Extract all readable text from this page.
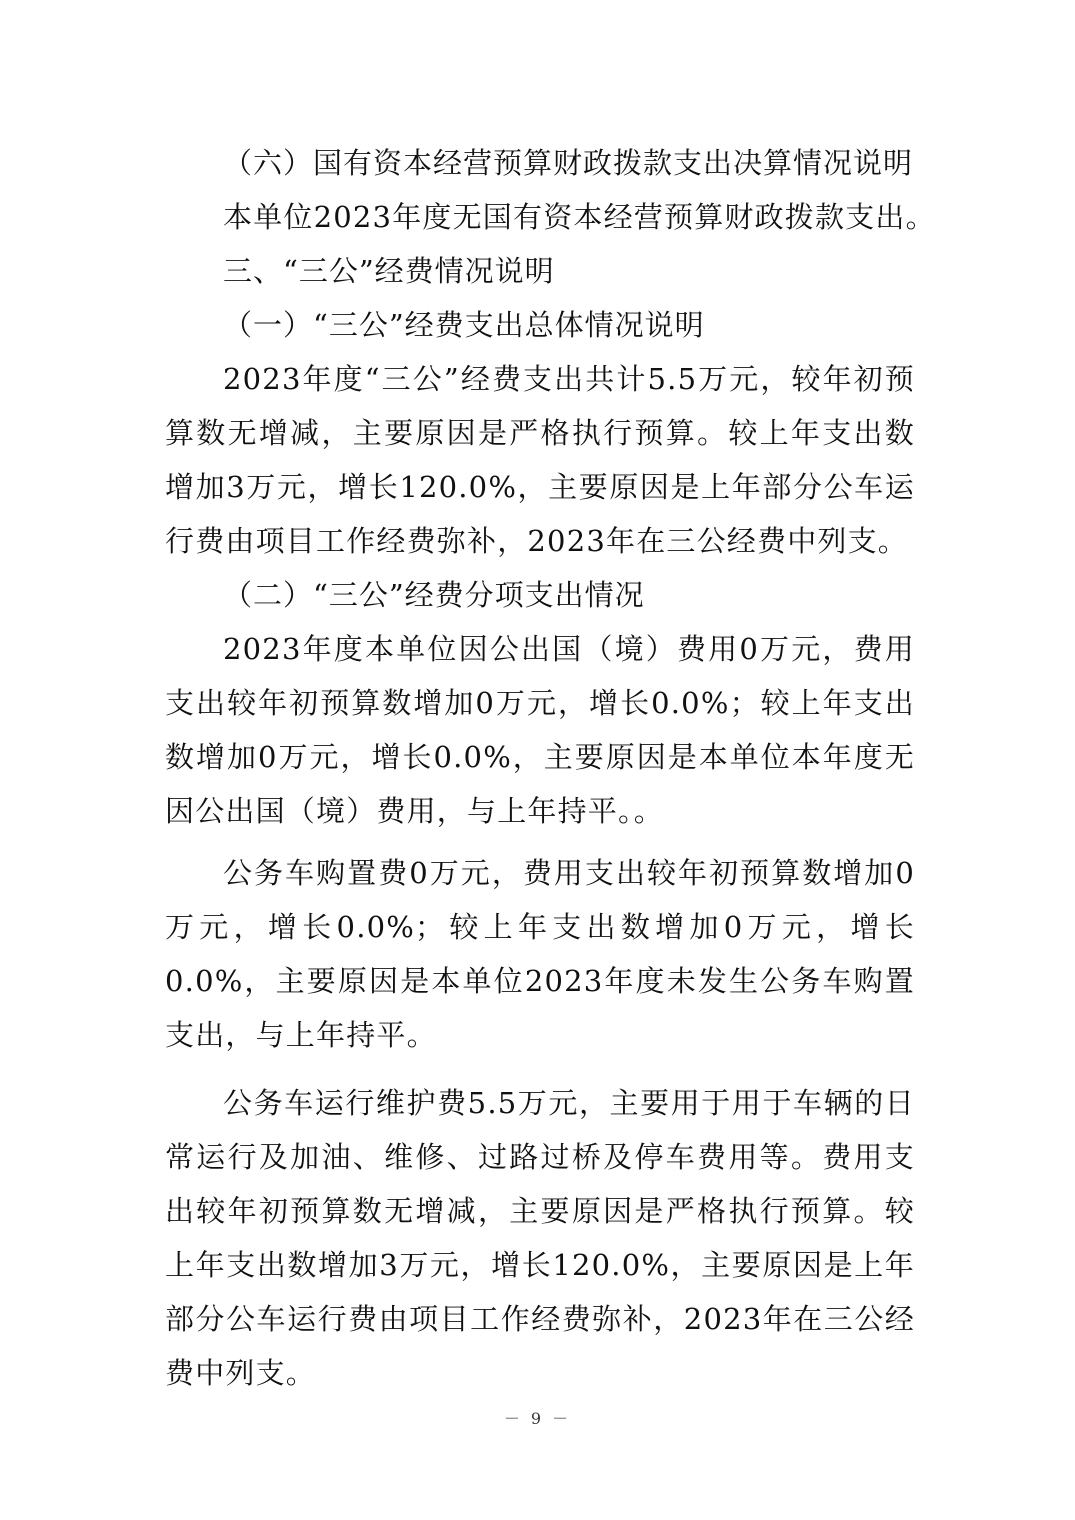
（六）国有资本经营预算财政拨款支出决算情况说明
本单位2023年度无国有资本经营预算财政拨款支出。
三、“三公”经费情况说明
（一）“三公”经费支出总体情况说明

2023年度“三公”经费支出共计5.5万元，较年初预算数无增减，主要原因是严格执行预算。较上年支出数增加3万元，增长120.0%，主要原因是上年部分公车运行费由项目工作经费弥补，2023年在三公经费中列支。

（二）“三公”经费分项支出情况

2023年度本单位因公出国（境）费用0万元，费用支出较年初预算数增加0万元，增长0.0%；较上年支出数增加0万元，增长0.0%，主要原因是本单位本年度无因公出国（境）费用，与上年持平。。

公务车购置费0万元，费用支出较年初预算数增加0万元，增长0.0%；较上年支出数增加0万元，增长0.0%，主要原因是本单位2023年度未发生公务车购置支出，与上年持平。

公务车运行维护费5.5万元，主要用于用于车辆的日常运行及加油、维修、过路过桥及停车费用等。费用支出较年初预算数无增减，主要原因是严格执行预算。较上年支出数增加3万元，增长120.0%，主要原因是上年部分公车运行费由项目工作经费弥补，2023年在三公经费中列支。

－ 9 －
